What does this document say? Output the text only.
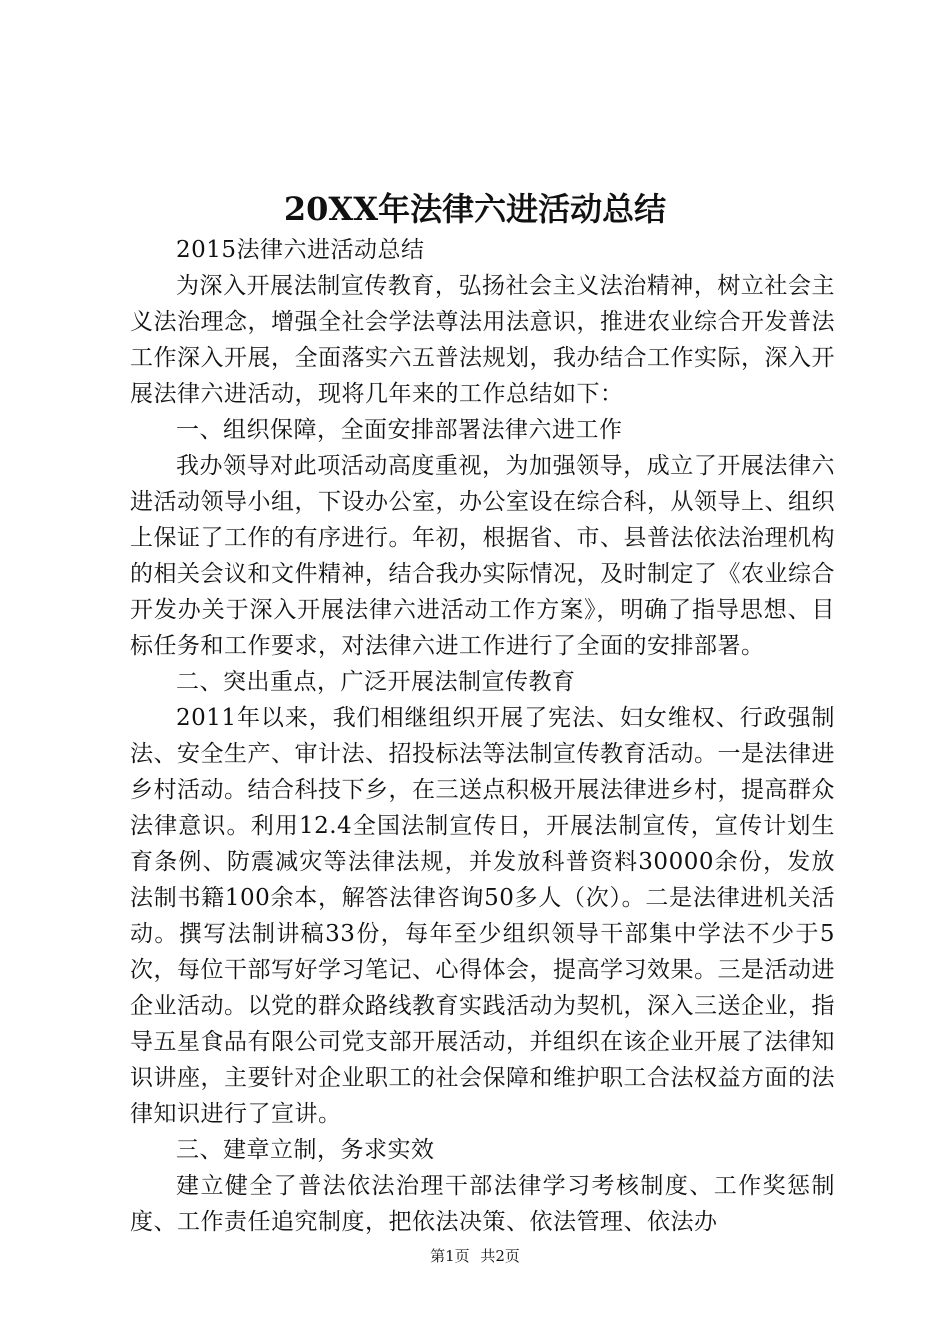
20XX年法律六进活动总结

2015法律六进活动总结

为深入开展法制宣传教育，弘扬社会主义法治精神，树立社会主义法治理念，增强全社会学法尊法用法意识，推进农业综合开发普法工作深入开展，全面落实六五普法规划，我办结合工作实际，深入开展法律六进活动，现将几年来的工作总结如下：

一、组织保障，全面安排部署法律六进工作

我办领导对此项活动高度重视，为加强领导，成立了开展法律六进活动领导小组，下设办公室，办公室设在综合科，从领导上、组织上保证了工作的有序进行。年初，根据省、市、县普法依法治理机构的相关会议和文件精神，结合我办实际情况，及时制定了《农业综合开发办关于深入开展法律六进活动工作方案》，明确了指导思想、目标任务和工作要求，对法律六进工作进行了全面的安排部署。

二、突出重点，广泛开展法制宣传教育

2011年以来，我们相继组织开展了宪法、妇女维权、行政强制法、安全生产、审计法、招投标法等法制宣传教育活动。一是法律进乡村活动。结合科技下乡，在三送点积极开展法律进乡村，提高群众法律意识。利用12.4全国法制宣传日，开展法制宣传，宣传计划生育条例、防震减灾等法律法规，并发放科普资料30000余份，发放法制书籍100余本，解答法律咨询50多人（次）。二是法律进机关活动。撰写法制讲稿33份，每年至少组织领导干部集中学法不少于5次，每位干部写好学习笔记、心得体会，提高学习效果。三是活动进企业活动。以党的群众路线教育实践活动为契机，深入三送企业，指导五星食品有限公司党支部开展活动，并组织在该企业开展了法律知识讲座，主要针对企业职工的社会保障和维护职工合法权益方面的法律知识进行了宣讲。

三、建章立制，务求实效

建立健全了普法依法治理干部法律学习考核制度、工作奖惩制度、工作责任追究制度，把依法决策、依法管理、依法办

第1页 共2页
